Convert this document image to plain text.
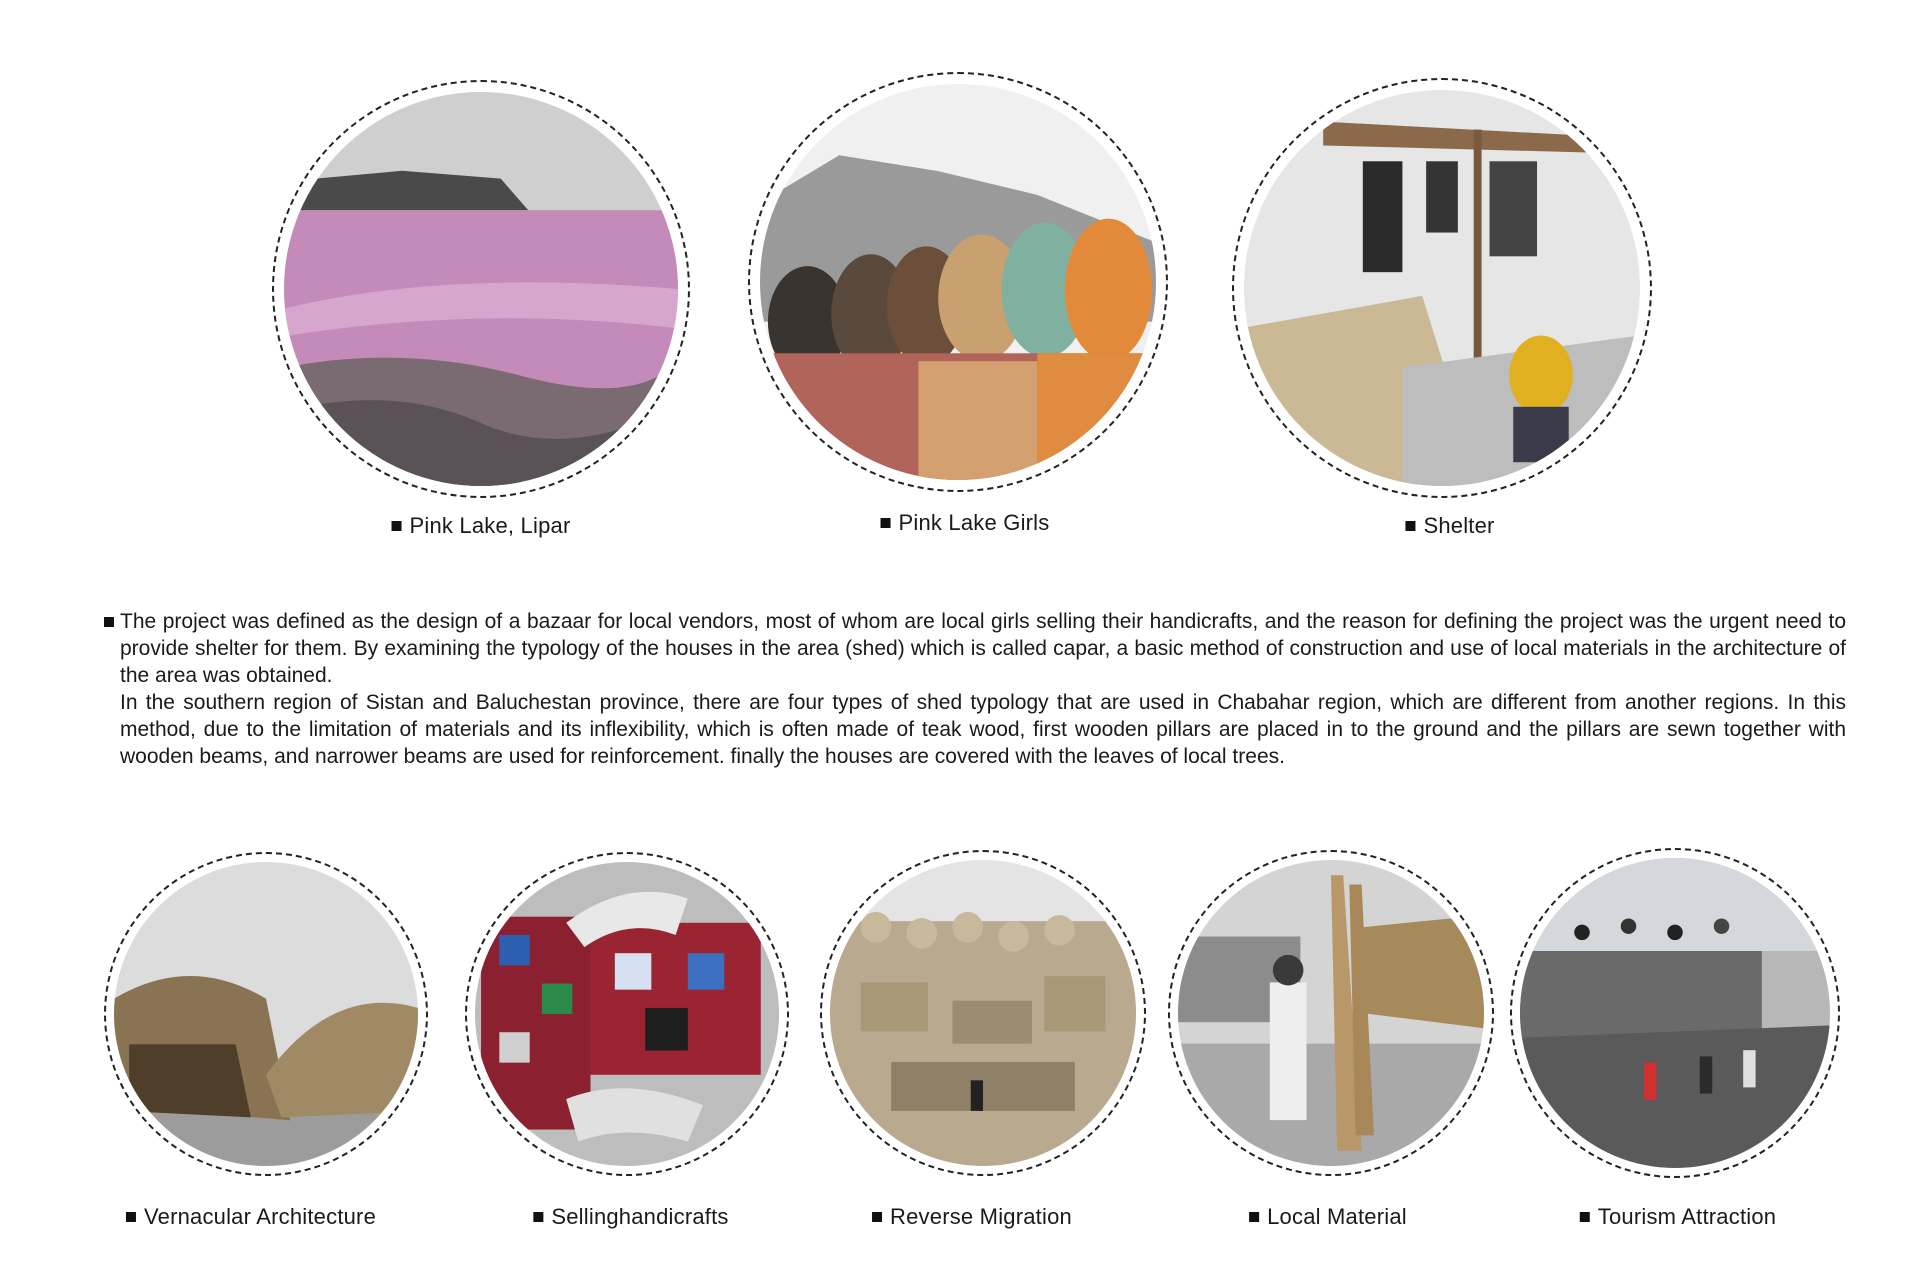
Pink Lake, Lipar	Pink Lake Girls	Shelter

The project was defined as the design of a bazaar for local vendors, most of whom are local girls selling their handicrafts, and the reason for defining the project was the urgent need to provide shelter for them. By examining the typology of the houses in the area (shed) which is called capar, a basic method of construction and use of local materials in the architecture of the area was obtained.

In the southern region of Sistan and Baluchestan province, there are four types of shed typology that are used in Chabahar region, which are different from another regions. In this method, due to the limitation of materials and its inflexibility, which is often made of teak wood, first wooden pillars are placed in to the ground and the pillars are sewn together with wooden beams, and narrower beams are used for reinforcement. finally the houses are covered with the leaves of local trees.

Vernacular Architecture	Sellinghandicrafts	Reverse Migration	Local Material	Tourism Attraction
